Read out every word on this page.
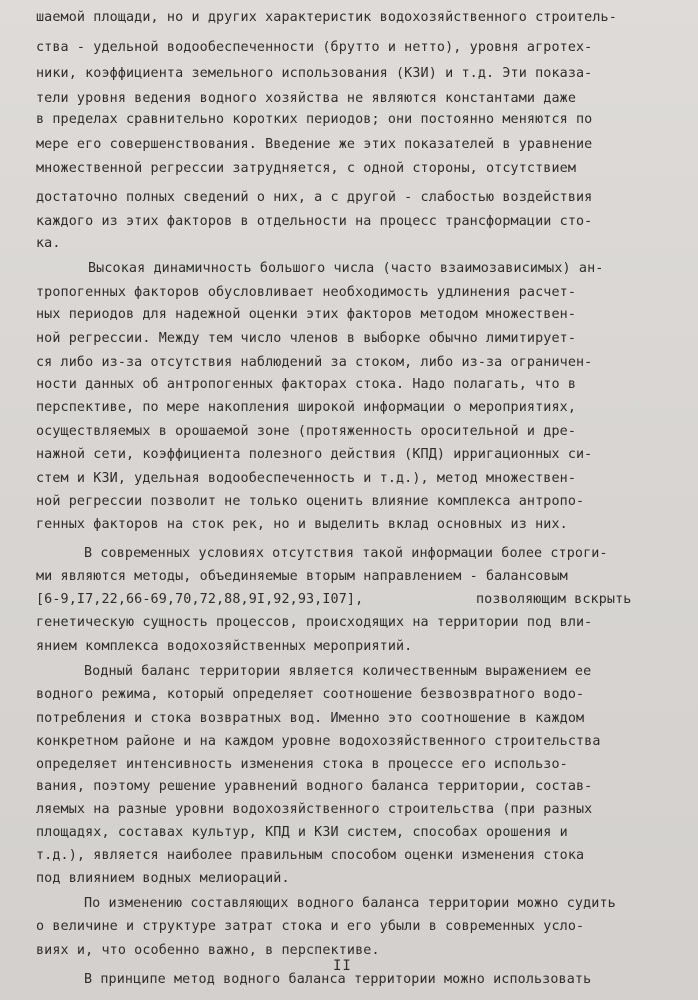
шаемой площади, но и других характеристик водохозяйственного строитель-
ства - удельной водообеспеченности (брутто и нетто), уровня агротех-
ники, коэффициента земельного использования (КЗИ) и т.д. Эти показа-
тели уровня ведения водного хозяйства не являются константами даже
в пределах сравнительно коротких периодов; они постоянно меняются по
мере его совершенствования. Введение же этих показателей в уравнение
множественной регрессии затрудняется, с одной стороны, отсутствием
достаточно полных сведений о них, а с другой - слабостью воздействия
каждого из этих факторов в отдельности на процесс трансформации сто-
ка.
Высокая динамичность большого числа (часто взаимозависимых) ан-
тропогенных факторов обусловливает необходимость удлинения расчет-
ных периодов для надежной оценки этих факторов методом множествен-
ной регрессии. Между тем число членов в выборке обычно лимитирует-
ся либо из-за отсутствия наблюдений за стоком, либо из-за ограничен-
ности данных об антропогенных факторах стока. Надо полагать, что в
перспективе, по мере накопления широкой информации о мероприятиях,
осуществляемых в орошаемой зоне (протяженность оросительной и дре-
нажной сети, коэффициента полезного действия (КПД) ирригационных си-
стем и КЗИ, удельная водообеспеченность и т.д.), метод множествен-
ной регрессии позволит не только оценить влияние комплекса антропо-
генных факторов на сток рек, но и выделить вклад основных из них.
В современных условиях отсутствия такой информации более строги-
ми являются методы, объединяемые вторым направлением - балансовым
[6-9,I7,22,66-69,70,72,88,9I,92,93,I07],	позволяющим вскрыть
генетическую сущность процессов, происходящих на территории под вли-
янием комплекса водохозяйственных мероприятий.
Водный баланс территории является количественным выражением ее
водного режима, который определяет соотношение безвозвратного водо-
потребления и стока возвратных вод. Именно это соотношение в каждом
конкретном районе и на каждом уровне водохозяйственного строительства
определяет интенсивность изменения стока в процессе его использо-
вания, поэтому решение уравнений водного баланса территории, состав-
ляемых на разные уровни водохозяйственного строительства (при разных
площадях, составах культур, КПД и КЗИ систем, способах орошения и
т.д.), является наиболее правильным способом оценки изменения стока
под влиянием водных мелиораций.
По изменению составляющих водного баланса территории можно судить
о величине и структуре затрат стока и его убыли в современных усло-
виях и, что особенно важно, в перспективе.
В принципе метод водного баланса территории можно использовать
II
